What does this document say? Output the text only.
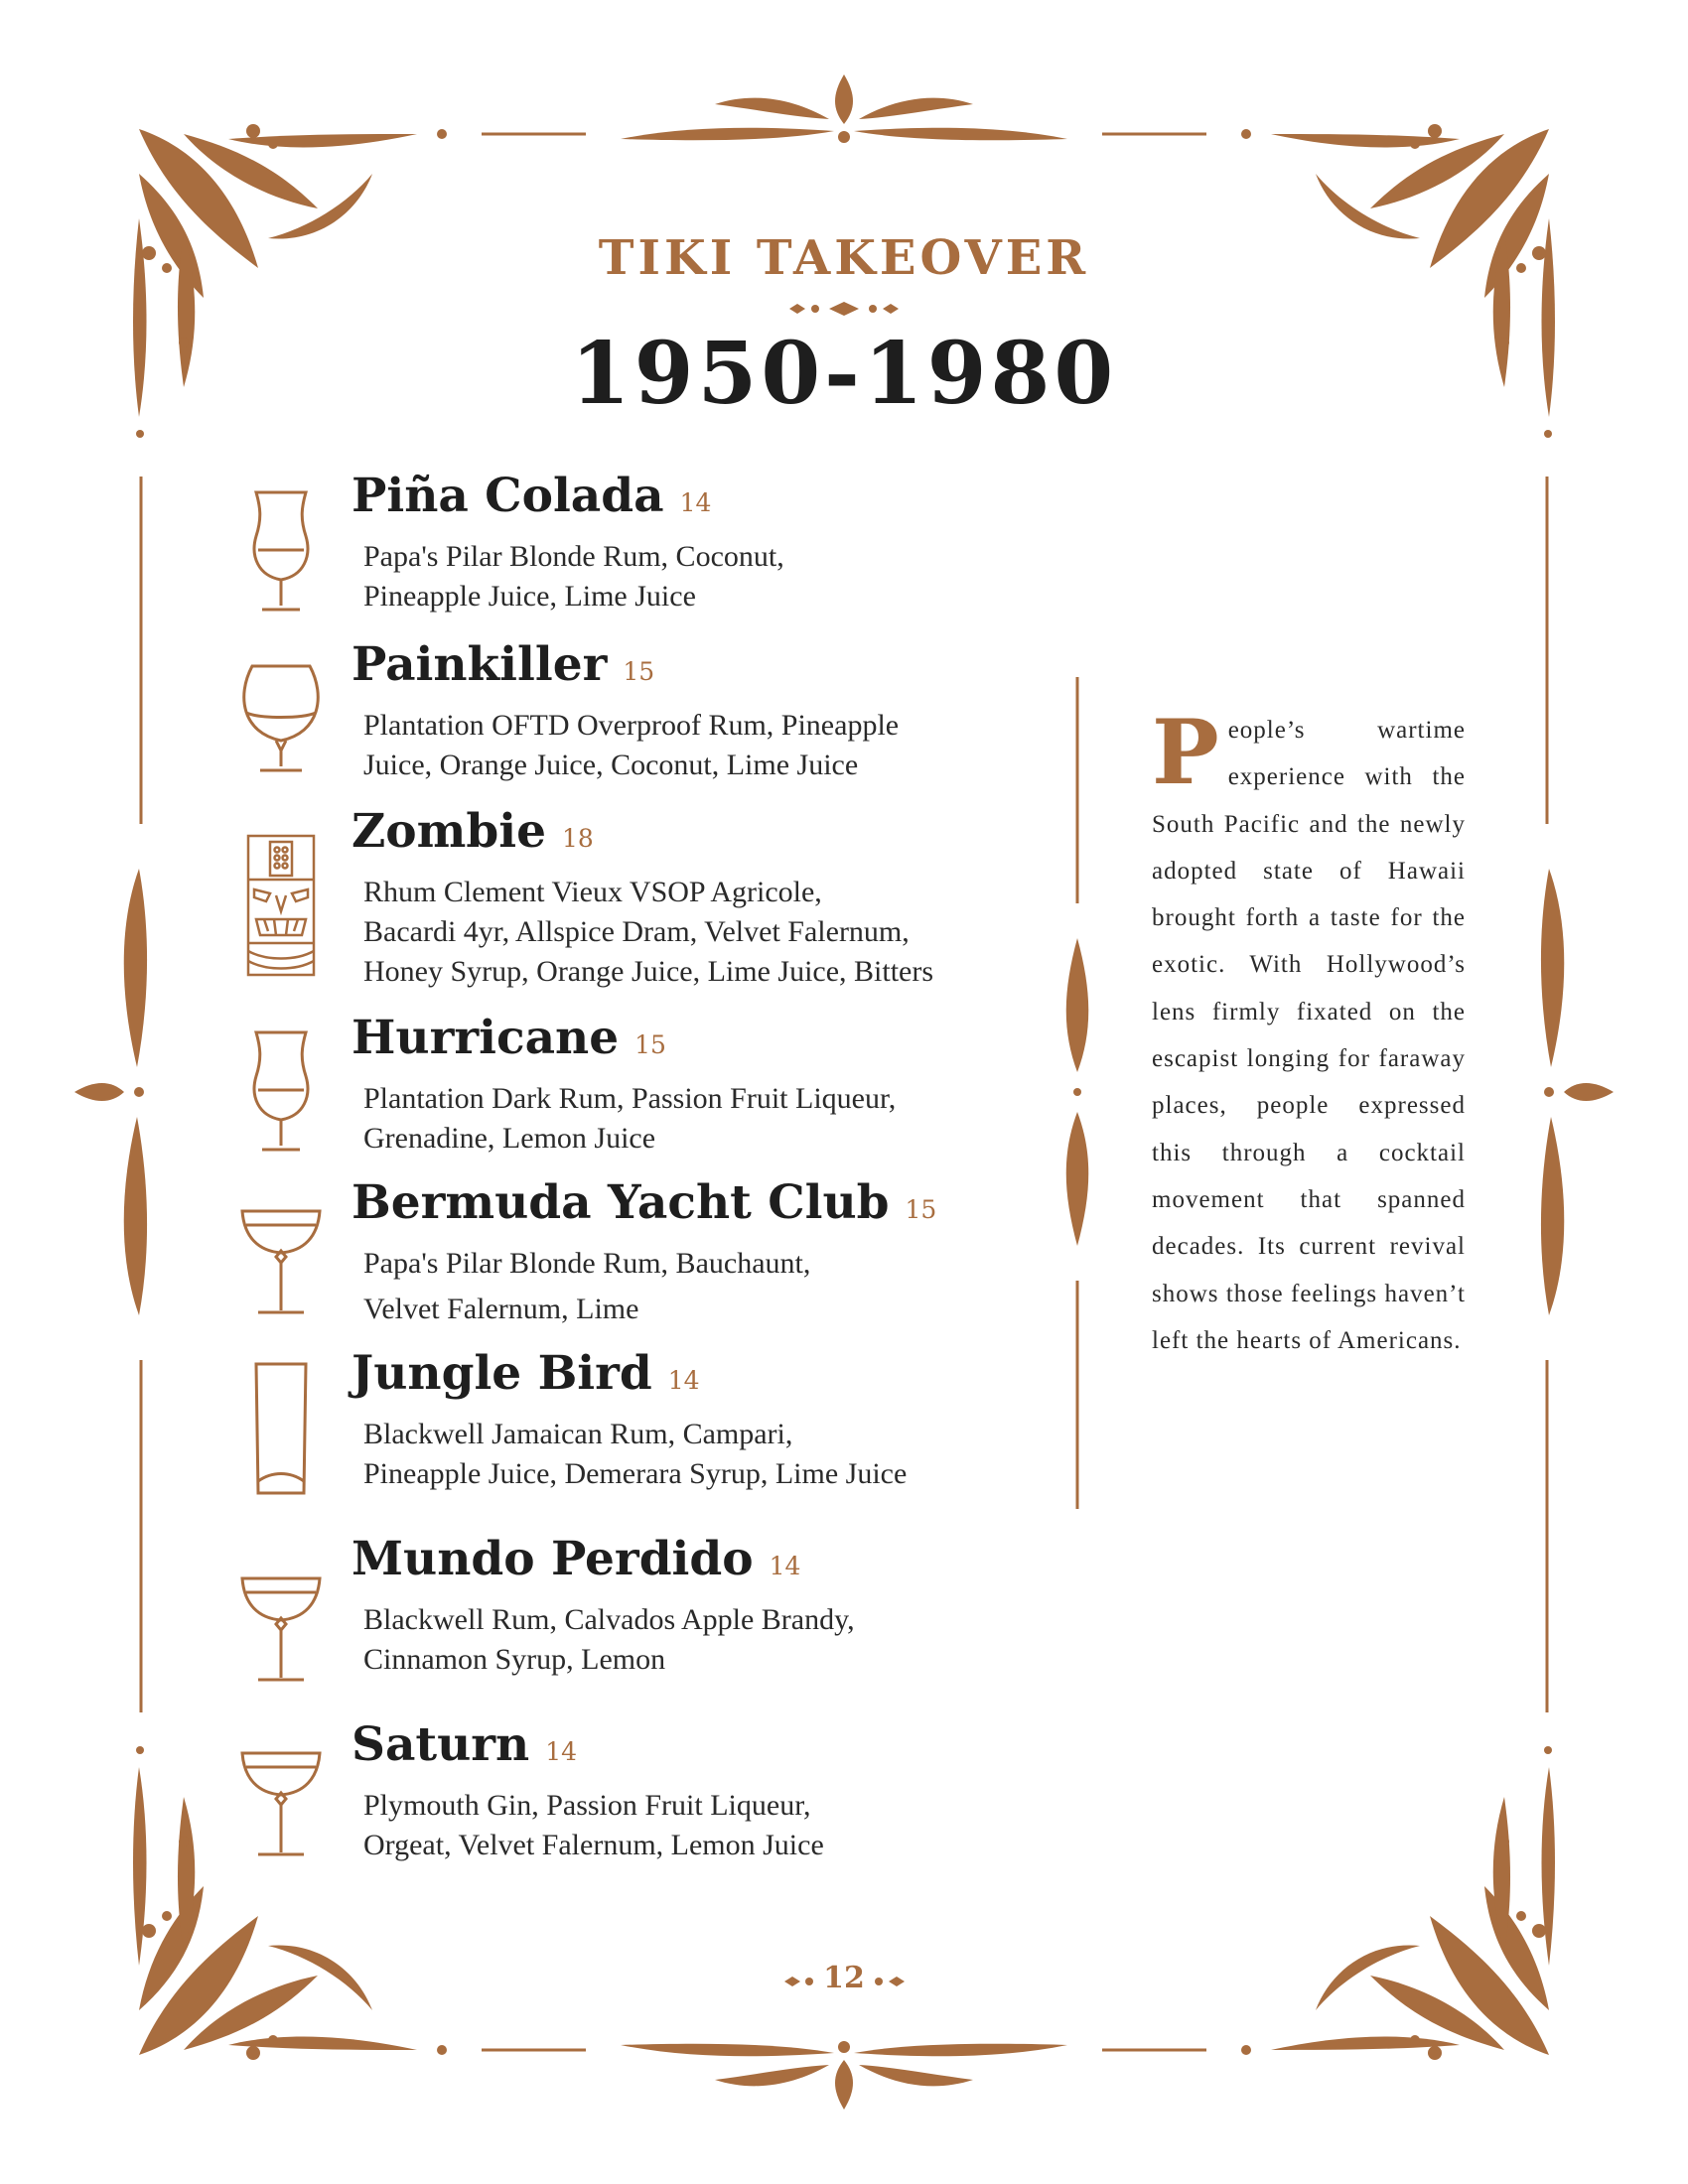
TIKI TAKEOVER
1950-1980
Piña Colada 14
Papa's Pilar Blonde Rum, Coconut,
Pineapple Juice, Lime Juice
Painkiller 15
Plantation OFTD Overproof Rum, Pineapple
Juice, Orange Juice, Coconut, Lime Juice
Zombie 18
Rhum Clement Vieux VSOP Agricole,
Bacardi 4yr, Allspice Dram, Velvet Falernum,
Honey Syrup, Orange Juice, Lime Juice, Bitters
Hurricane 15
Plantation Dark Rum, Passion Fruit Liqueur,
Grenadine, Lemon Juice
Bermuda Yacht Club 15
Papa's Pilar Blonde Rum, Bauchaunt,
Velvet Falernum, Lime
Jungle Bird 14
Blackwell Jamaican Rum, Campari,
Pineapple Juice, Demerara Syrup, Lime Juice
Mundo Perdido 14
Blackwell Rum, Calvados Apple Brandy,
Cinnamon Syrup, Lemon
Saturn 14
Plymouth Gin, Passion Fruit Liqueur,
Orgeat, Velvet Falernum, Lemon Juice
People’s wartime experience with the South Pacific and the newly adopted state of Hawaii brought forth a taste for the exotic. With Hollywood’s lens firmly fixated on the escapist longing for faraway places, people expressed this through a cocktail movement that spanned decades. Its current revival shows those feelings haven’t left the hearts of Americans.
12
